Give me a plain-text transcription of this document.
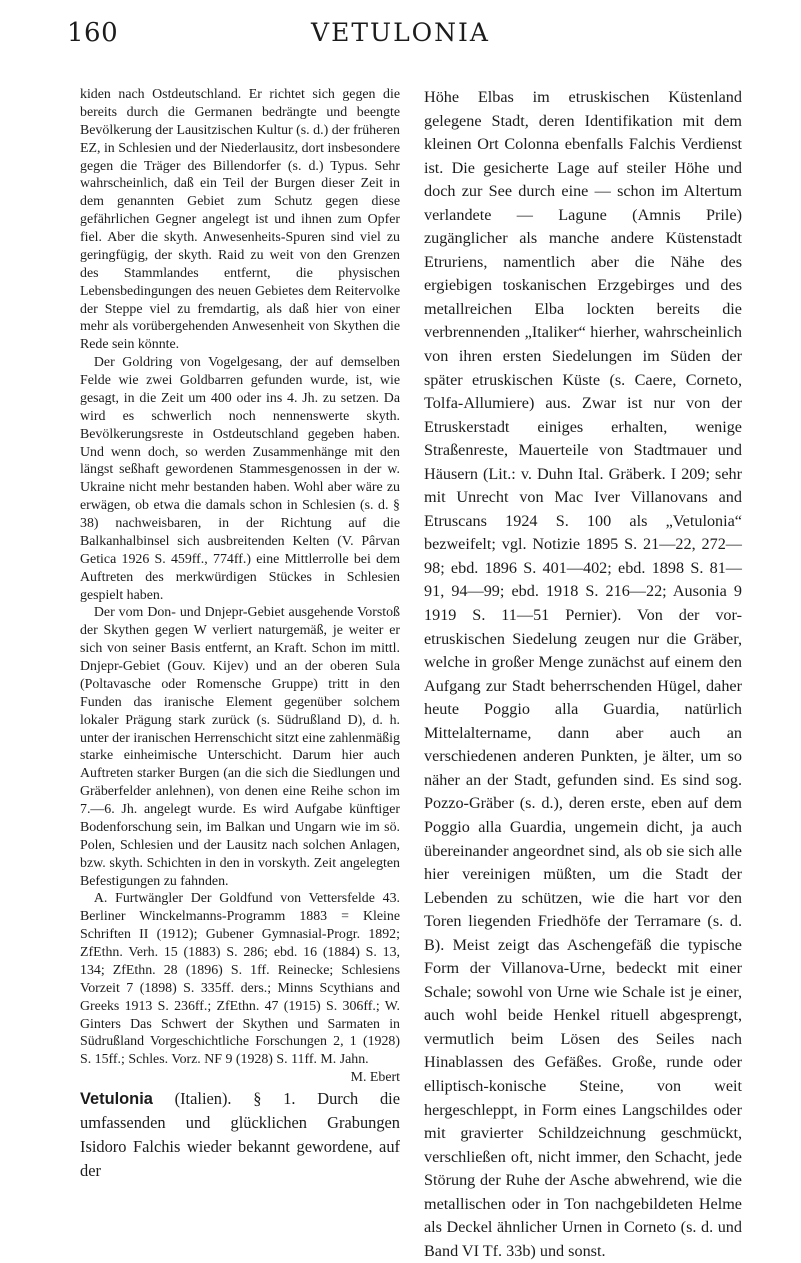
160	VETULONIA

kiden nach Ostdeutschland. Er richtet sich gegen die bereits durch die Germanen bedrängte und beengte Bevölkerung der Lausitzischen Kultur (s. d.) der früheren EZ, in Schlesien und der Niederlausitz, dort insbesondere gegen die Träger des Billendorfer (s. d.) Typus. Sehr wahrscheinlich, daß ein Teil der Burgen dieser Zeit in dem genannten Gebiet zum Schutz gegen diese gefährlichen Gegner angelegt ist und ihnen zum Opfer fiel. Aber die skyth. Anwesenheits-Spuren sind viel zu geringfügig, der skyth. Raid zu weit von den Grenzen des Stammlandes entfernt, die physischen Lebensbedingungen des neuen Gebietes dem Reitervolke der Steppe viel zu fremdartig, als daß hier von einer mehr als vorübergehenden Anwesenheit von Skythen die Rede sein könnte.

Der Goldring von Vogelgesang, der auf demselben Felde wie zwei Goldbarren gefunden wurde, ist, wie gesagt, in die Zeit um 400 oder ins 4. Jh. zu setzen. Da wird es schwerlich noch nennenswerte skyth. Bevölkerungsreste in Ostdeutschland gegeben haben. Und wenn doch, so werden Zusammenhänge mit den längst seßhaft gewordenen Stammesgenossen in der w. Ukraine nicht mehr bestanden haben. Wohl aber wäre zu erwägen, ob etwa die damals schon in Schlesien (s. d. § 38) nachweisbaren, in der Richtung auf die Balkanhalbinsel sich ausbreitenden Kelten (V. Pârvan Getica 1926 S. 459ff., 774ff.) eine Mittlerrolle bei dem Auftreten des merkwürdigen Stückes in Schlesien gespielt haben.

Der vom Don- und Dnjepr-Gebiet ausgehende Vorstoß der Skythen gegen W verliert naturgemäß, je weiter er sich von seiner Basis entfernt, an Kraft. Schon im mittl. Dnjepr-Gebiet (Gouv. Kijev) und an der oberen Sula (Poltavasche oder Romensche Gruppe) tritt in den Funden das iranische Element gegenüber solchem lokaler Prägung stark zurück (s. Südrußland D), d. h. unter der iranischen Herrenschicht sitzt eine zahlenmäßig starke einheimische Unterschicht. Darum hier auch Auftreten starker Burgen (an die sich die Siedlungen und Gräberfelder anlehnen), von denen eine Reihe schon im 7.—6. Jh. angelegt wurde. Es wird Aufgabe künftiger Bodenforschung sein, im Balkan und Ungarn wie im sö. Polen, Schlesien und der Lausitz nach solchen Anlagen, bzw. skyth. Schichten in den in vorskyth. Zeit angelegten Befestigungen zu fahnden.

A. Furtwängler Der Goldfund von Vettersfelde 43. Berliner Winckelmanns-Programm 1883 = Kleine Schriften II (1912); Gubener Gymnasial-Progr. 1892; ZfEthn. Verh. 15 (1883) S. 286; ebd. 16 (1884) S. 13, 134; ZfEthn. 28 (1896) S. 1ff. Reinecke; Schlesiens Vorzeit 7 (1898) S. 335ff. ders.; Minns Scythians and Greeks 1913 S. 236ff.; ZfEthn. 47 (1915) S. 306ff.; W. Ginters Das Schwert der Skythen und Sarmaten in Südrußland Vorgeschichtliche Forschungen 2, 1 (1928) S. 15ff.; Schles. Vorz. NF 9 (1928) S. 11ff. M. Jahn.
M. Ebert

Vetulonia (Italien). § 1. Durch die umfassenden und glücklichen Grabungen Isidoro Falchis wieder bekannt gewordene, auf der

Höhe Elbas im etruskischen Küstenland gelegene Stadt, deren Identifikation mit dem kleinen Ort Colonna ebenfalls Falchis Verdienst ist. Die gesicherte Lage auf steiler Höhe und doch zur See durch eine — schon im Altertum verlandete — Lagune (Amnis Prile) zugänglicher als manche andere Küstenstadt Etruriens, namentlich aber die Nähe des ergiebigen toskanischen Erzgebirges und des metallreichen Elba lockten bereits die verbrennenden „Italiker“ hierher, wahrscheinlich von ihren ersten Siedelungen im Süden der später etruskischen Küste (s. Caere, Corneto, Tolfa-Allumiere) aus. Zwar ist nur von der Etruskerstadt einiges erhalten, wenige Straßenreste, Mauerteile von Stadtmauer und Häusern (Lit.: v. Duhn Ital. Gräberk. I 209; sehr mit Unrecht von Mac Iver Villanovans and Etruscans 1924 S. 100 als „Vetulonia“ bezweifelt; vgl. Notizie 1895 S. 21—22, 272—98; ebd. 1896 S. 401—402; ebd. 1898 S. 81—91, 94—99; ebd. 1918 S. 216—22; Ausonia 9 1919 S. 11—51 Pernier). Von der vor-etruskischen Siedelung zeugen nur die Gräber, welche in großer Menge zunächst auf einem den Aufgang zur Stadt beherrschenden Hügel, daher heute Poggio alla Guardia, natürlich Mittelaltername, dann aber auch an verschiedenen anderen Punkten, je älter, um so näher an der Stadt, gefunden sind. Es sind sog. Pozzo-Gräber (s. d.), deren erste, eben auf dem Poggio alla Guardia, ungemein dicht, ja auch übereinander angeordnet sind, als ob sie sich alle hier vereinigen müßten, um die Stadt der Lebenden zu schützen, wie die hart vor den Toren liegenden Friedhöfe der Terramare (s. d. B). Meist zeigt das Aschengefäß die typische Form der Villanova-Urne, bedeckt mit einer Schale; sowohl von Urne wie Schale ist je einer, auch wohl beide Henkel rituell abgesprengt, vermutlich beim Lösen des Seiles nach Hinablassen des Gefäßes. Große, runde oder elliptisch-konische Steine, von weit hergeschleppt, in Form eines Langschildes oder mit gravierter Schildzeichnung geschmückt, verschließen oft, nicht immer, den Schacht, jede Störung der Ruhe der Asche abwehrend, wie die metallischen oder in Ton nachgebildeten Helme als Deckel ähnlicher Urnen in Corneto (s. d. und Band VI Tf. 33b) und sonst.
